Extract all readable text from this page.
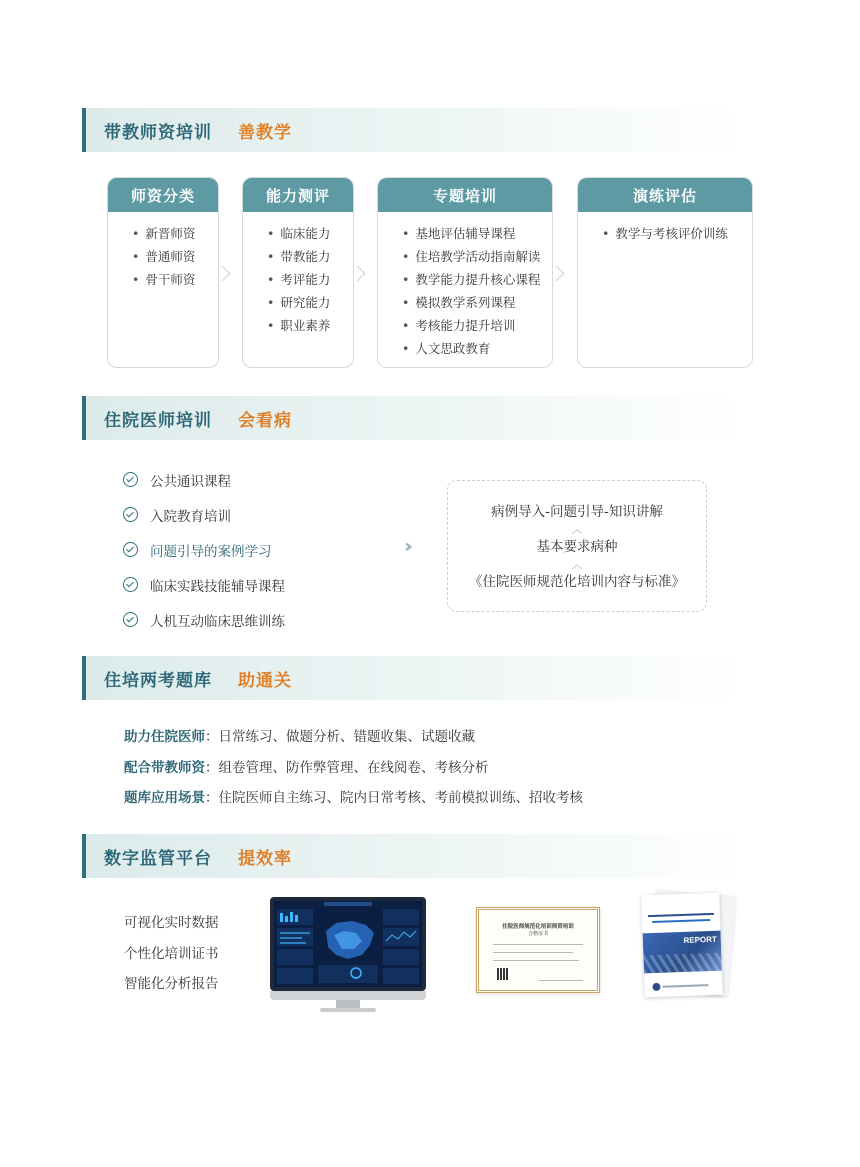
带教师资培训 善教学
师资分类
• 新晋师资
• 普通师资
• 骨干师资
能力测评
• 临床能力
• 带教能力
• 考评能力
• 研究能力
• 职业素养
专题培训
• 基地评估辅导课程
• 住培教学活动指南解读
• 教学能力提升核心课程
• 模拟教学系列课程
• 考核能力提升培训
• 人文思政教育
演练评估
• 教学与考核评价训练
住院医师培训 会看病
公共通识课程
入院教育培训
问题引导的案例学习
临床实践技能辅导课程
人机互动临床思维训练
››
病例导入-问题引导-知识讲解
︿
基本要求病种
︿
《住院医师规范化培训内容与标准》
住培两考题库 助通关
助力住院医师：日常练习、做题分析、错题收集、试题收藏
配合带教师资：组卷管理、防作弊管理、在线阅卷、考核分析
题库应用场景：住院医师自主练习、院内日常考核、考前模拟训练、招收考核
数字监管平台 提效率
可视化实时数据
个性化培训证书
智能化分析报告
住院医师规范化培训师资培训
合格证书
REPORT
